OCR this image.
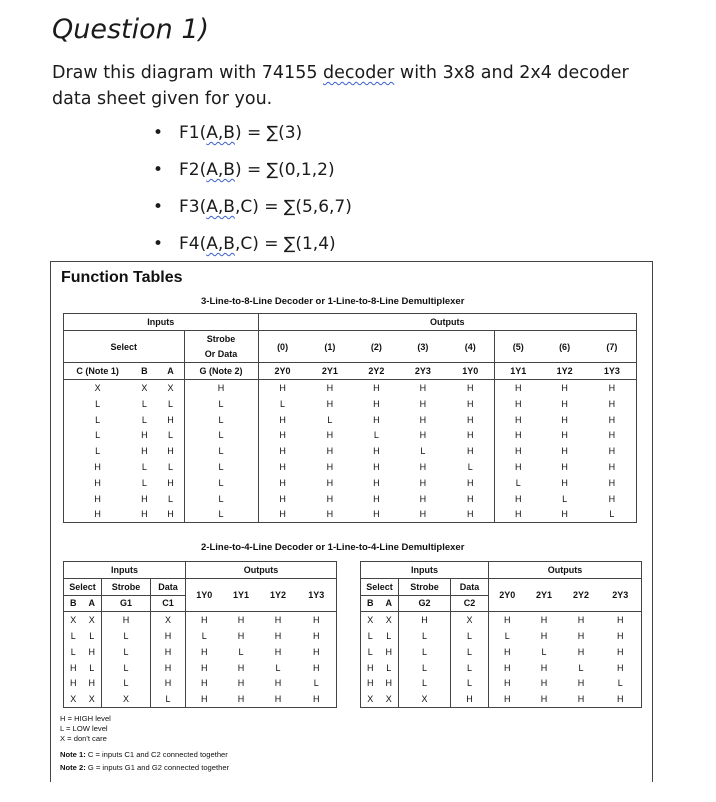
Question 1)
Draw this diagram with 74155 decoder with 3x8 and 2x4 decoder data sheet given for you.
• F1(A,B) = ∑(3)
• F2(A,B) = ∑(0,1,2)
• F3(A,B,C) = ∑(5,6,7)
• F4(A,B,C) = ∑(1,4)
Function Tables
3-Line-to-8-Line Decoder or 1-Line-to-8-Line Demultiplexer
Inputs				Outputs							
Select			Strobe	(0)	(1)	(2)	(3)	(4)	(5)	(6)	(7)
			Or Data								
C (Note 1)	B	A	G (Note 2)	2Y0	2Y1	2Y2	2Y3	1Y0	1Y1	1Y2	1Y3
X	X	X	H	H	H	H	H	H	H	H	H
L	L	L	L	L	H	H	H	H	H	H	H
L	L	H	L	H	L	H	H	H	H	H	H
L	H	L	L	H	H	L	H	H	H	H	H
L	H	H	L	H	H	H	L	H	H	H	H
H	L	L	L	H	H	H	H	L	H	H	H
H	L	H	L	H	H	H	H	H	L	H	H
H	H	L	L	H	H	H	H	H	H	L	H
H	H	H	L	H	H	H	H	H	H	H	L
2-Line-to-4-Line Decoder or 1-Line-to-4-Line Demultiplexer
Inputs				Outputs			
Select		Strobe	Data	1Y0	1Y1	1Y2	1Y3
B	A	G1	C1				
X	X	H	X	H	H	H	H
L	L	L	H	L	H	H	H
L	H	L	H	H	L	H	H
H	L	L	H	H	H	L	H
H	H	L	H	H	H	H	L
X	X	X	L	H	H	H	H
Inputs				Outputs			
Select		Strobe	Data	2Y0	2Y1	2Y2	2Y3
B	A	G2	C2				
X	X	H	X	H	H	H	H
L	L	L	L	L	H	H	H
L	H	L	L	H	L	H	H
H	L	L	L	H	H	L	H
H	H	L	L	H	H	H	L
X	X	X	H	H	H	H	H
H = HIGH level
L = LOW level
X = don't care
Note 1: C = inputs C1 and C2 connected together
Note 2: G = inputs G1 and G2 connected together
